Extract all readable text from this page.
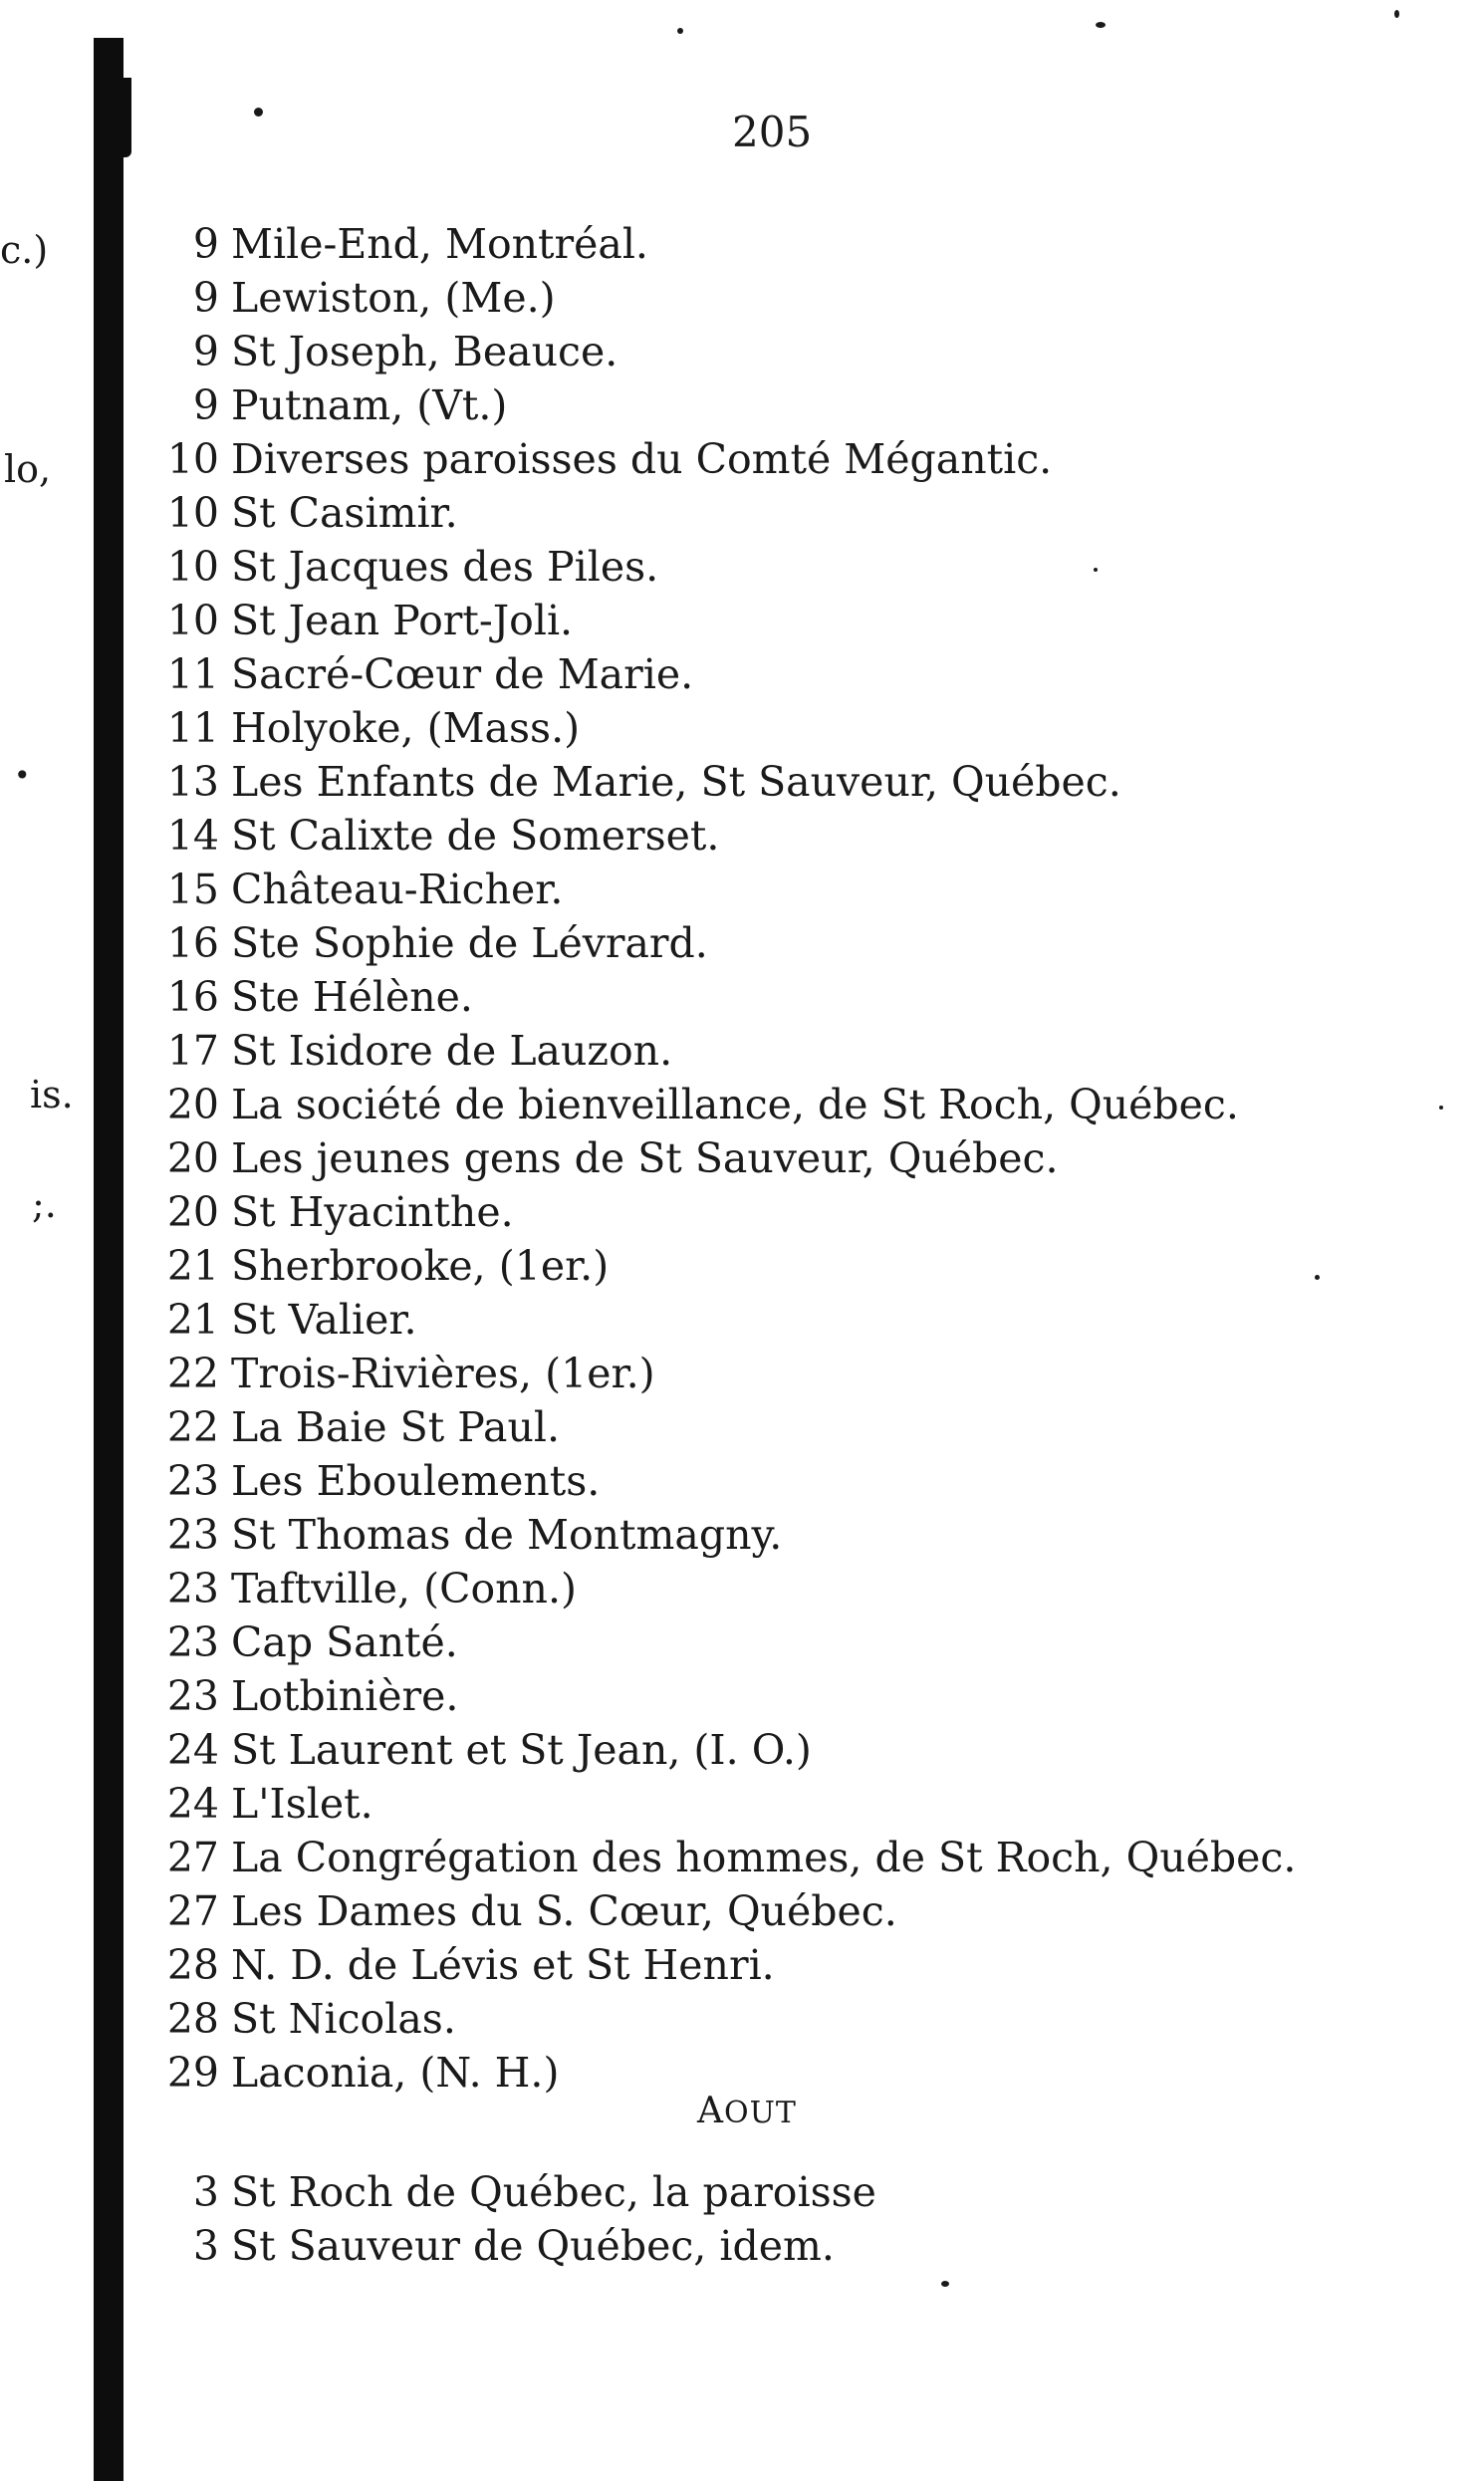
c.)
lo,
•
is.
;.
205
9 Mile-End, Montréal.
9 Lewiston, (Me.)
9 St Joseph, Beauce.
9 Putnam, (Vt.)
10 Diverses paroisses du Comté Mégantic.
10 St Casimir.
10 St Jacques des Piles.
10 St Jean Port-Joli.
11 Sacré-Cœur de Marie.
11 Holyoke, (Mass.)
13 Les Enfants de Marie, St Sauveur, Québec.
14 St Calixte de Somerset.
15 Château-Richer.
16 Ste Sophie de Lévrard.
16 Ste Hélène.
17 St Isidore de Lauzon.
20 La société de bienveillance, de St Roch, Québec.
20 Les jeunes gens de St Sauveur, Québec.
20 St Hyacinthe.
21 Sherbrooke, (1er.)
21 St Valier.
22 Trois-Rivières, (1er.)
22 La Baie St Paul.
23 Les Eboulements.
23 St Thomas de Montmagny.
23 Taftville, (Conn.)
23 Cap Santé.
23 Lotbinière.
24 St Laurent et St Jean, (I. O.)
24 L'Islet.
27 La Congrégation des hommes, de St Roch, Québec.
27 Les Dames du S. Cœur, Québec.
28 N. D. de Lévis et St Henri.
28 St Nicolas.
29 Laconia, (N. H.)
AOUT
3 St Roch de Québec, la paroisse
3 St Sauveur de Québec, idem.
